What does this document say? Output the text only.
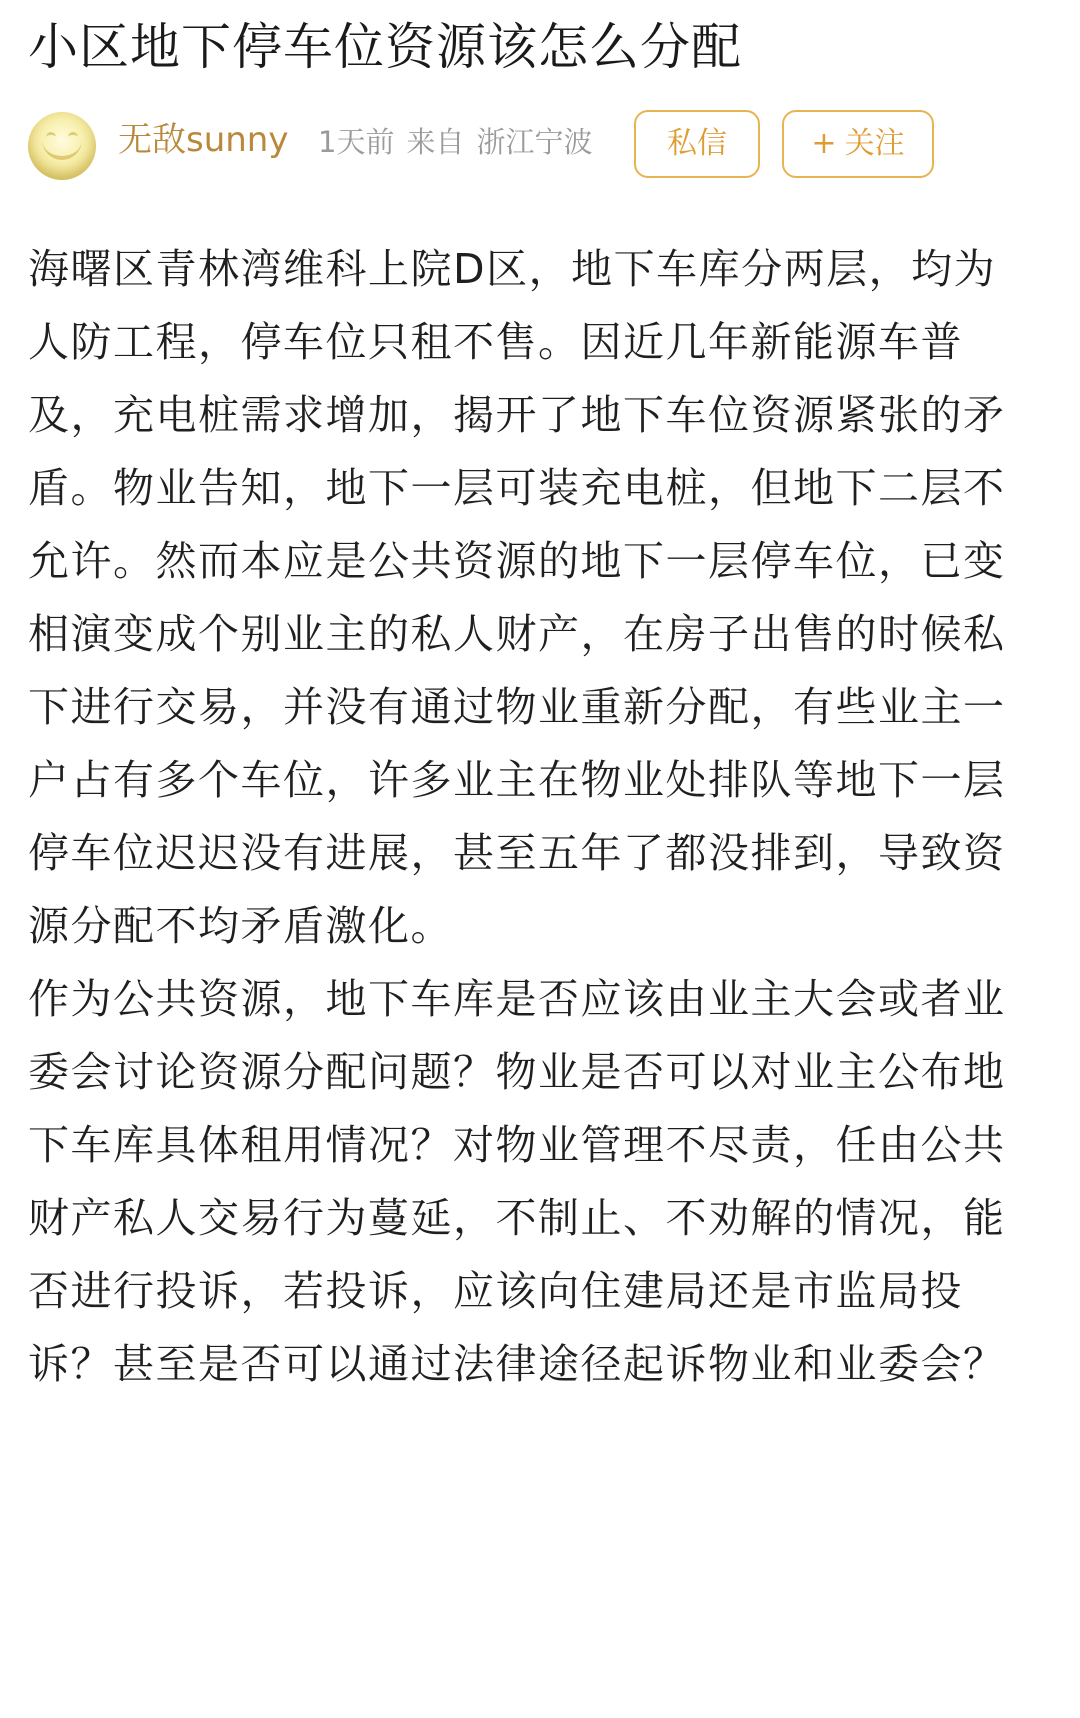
小区地下停车位资源该怎么分配
无敌sunny 1天前 来自 浙江宁波	私信	+ 关注

海曙区青林湾维科上院D区，地下车库分两层，均为人防工程，停车位只租不售。因近几年新能源车普及，充电桩需求增加，揭开了地下车位资源紧张的矛盾。物业告知，地下一层可装充电桩，但地下二层不允许。然而本应是公共资源的地下一层停车位，已变相演变成个别业主的私人财产，在房子出售的时候私下进行交易，并没有通过物业重新分配，有些业主一户占有多个车位，许多业主在物业处排队等地下一层停车位迟迟没有进展，甚至五年了都没排到，导致资源分配不均矛盾激化。

作为公共资源，地下车库是否应该由业主大会或者业委会讨论资源分配问题？物业是否可以对业主公布地下车库具体租用情况？对物业管理不尽责，任由公共财产私人交易行为蔓延，不制止、不劝解的情况，能否进行投诉，若投诉，应该向住建局还是市监局投诉？甚至是否可以通过法律途径起诉物业和业委会？
